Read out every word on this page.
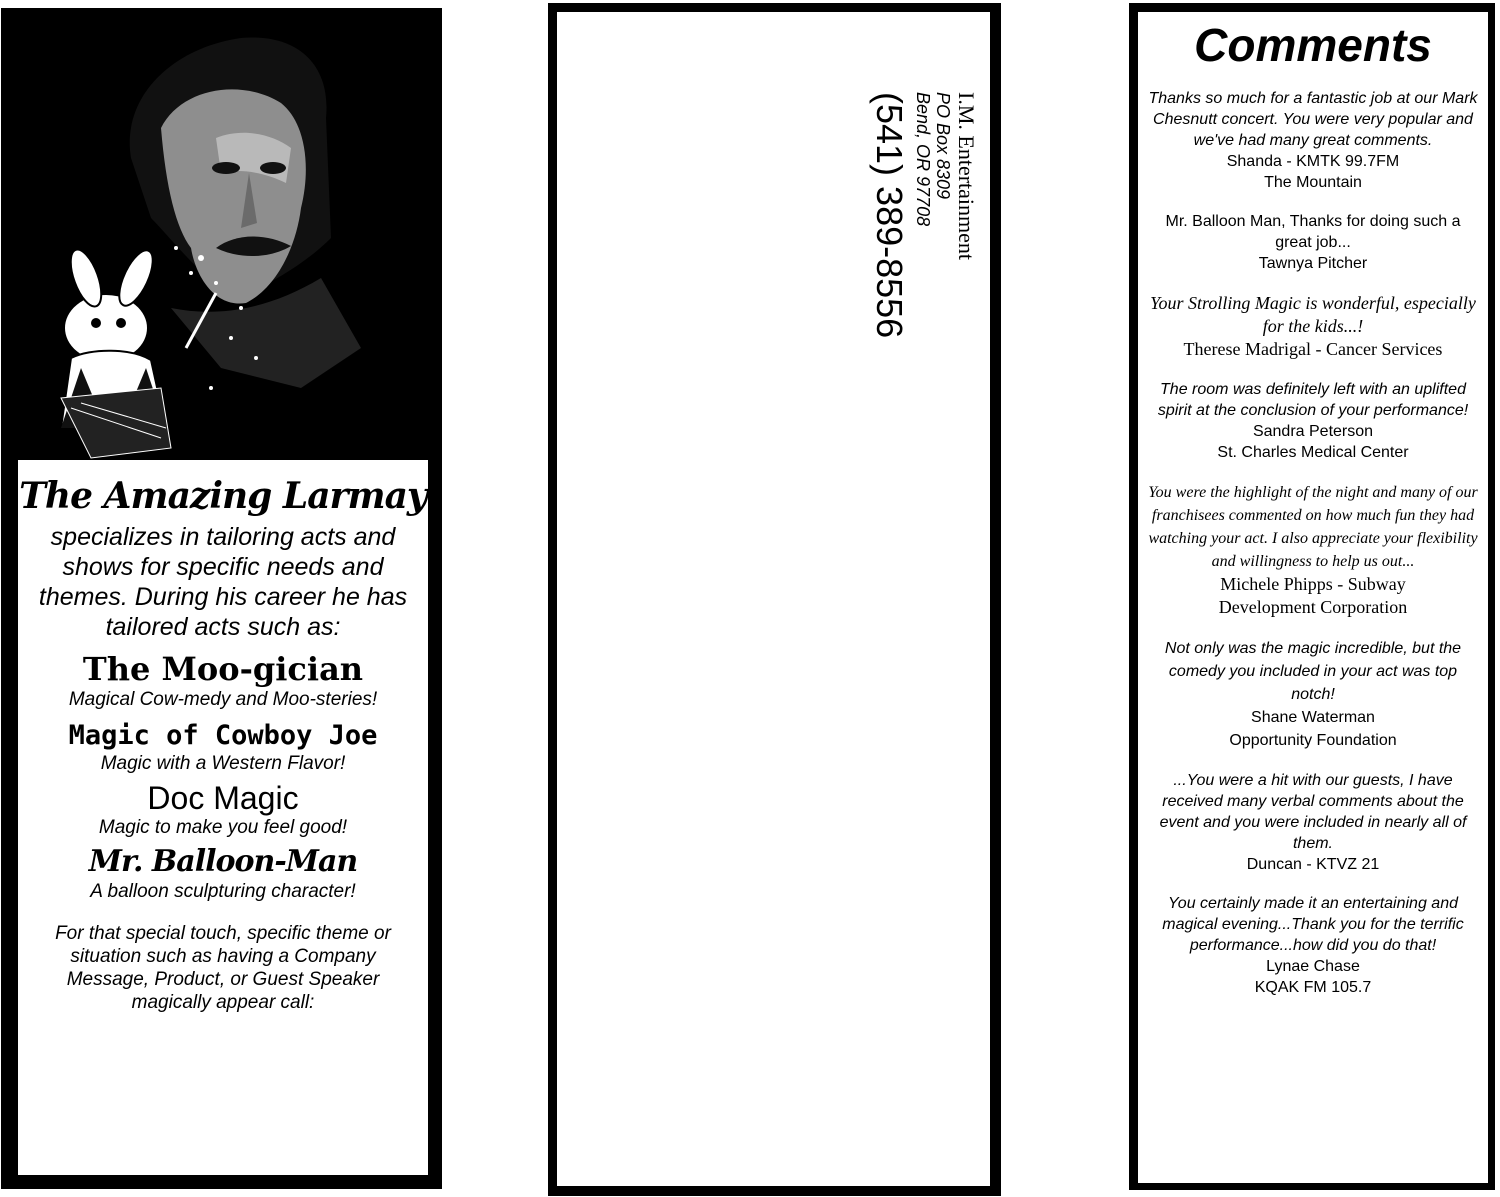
The Amazing Larmay
specializes in tailoring acts and shows for specific needs and themes. During his career he has tailored acts such as:
The Moo-gician
Magical Cow-medy and Moo-steries!
Magic of Cowboy Joe
Magic with a Western Flavor!
Doc Magic
Magic to make you feel good!
Mr. Balloon-Man
A balloon sculpturing character!
For that special touch, specific theme or situation such as having a Company Message, Product, or Guest Speaker magically appear call:
I.M. Entertainment
PO Box 8309
Bend, OR 97708
(541) 389-8556
Comments
Thanks so much for a fantastic job at our Mark Chesnutt concert. You were very popular and we've had many great comments.
Shanda - KMTK 99.7FM
The Mountain
Mr. Balloon Man, Thanks for doing such a great job...
Tawnya Pitcher
Your Strolling Magic is wonderful, especially for the kids...!
Therese Madrigal - Cancer Services
The room was definitely left with an uplifted spirit at the conclusion of your performance!
Sandra Peterson
St. Charles Medical Center
You were the highlight of the night and many of our franchisees commented on how much fun they had watching your act. I also appreciate your flexibility and willingness to help us out...
Michele Phipps - Subway
Development Corporation
Not only was the magic incredible, but the comedy you included in your act was top notch!
Shane Waterman
Opportunity Foundation
...You were a hit with our guests, I have received many verbal comments about the event and you were included in nearly all of them.
Duncan - KTVZ 21
You certainly made it an entertaining and magical evening...Thank you for the terrific performance...how did you do that!
Lynae Chase
KQAK FM 105.7
